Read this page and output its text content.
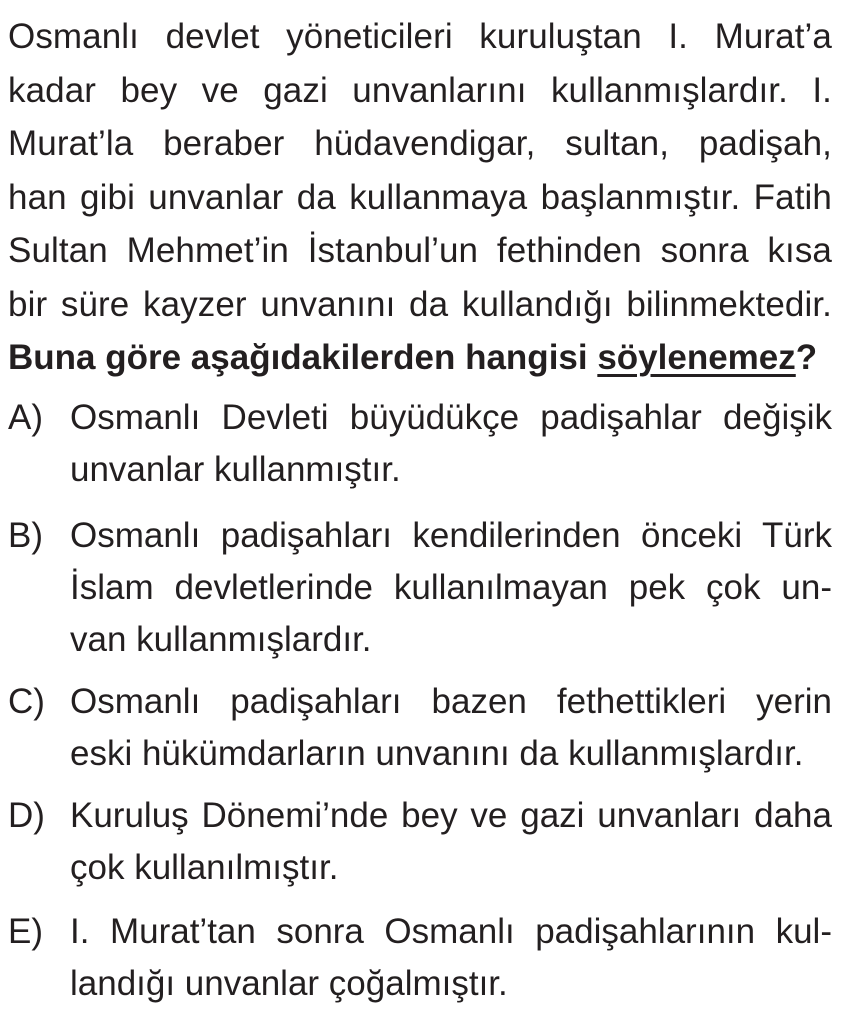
Osmanlı devlet yöneticileri kuruluştan I. Murat’a
kadar bey ve gazi unvanlarını kullanmışlardır. I.
Murat’la beraber hüdavendigar, sultan, padişah,
han gibi unvanlar da kullanmaya başlanmıştır. Fatih
Sultan Mehmet’in İstanbul’un fethinden sonra kısa
bir süre kayzer unvanını da kullandığı bilinmektedir.
Buna göre aşağıdakilerden hangisi söylenemez?
A) Osmanlı Devleti büyüdükçe padişahlar değişik
unvanlar kullanmıştır.
B) Osmanlı padişahları kendilerinden önceki Türk
İslam devletlerinde kullanılmayan pek çok un-
van kullanmışlardır.
C) Osmanlı padişahları bazen fethettikleri yerin
eski hükümdarların unvanını da kullanmışlardır.
D) Kuruluş Dönemi’nde bey ve gazi unvanları daha
çok kullanılmıştır.
E) I. Murat’tan sonra Osmanlı padişahlarının kul-
landığı unvanlar çoğalmıştır.
